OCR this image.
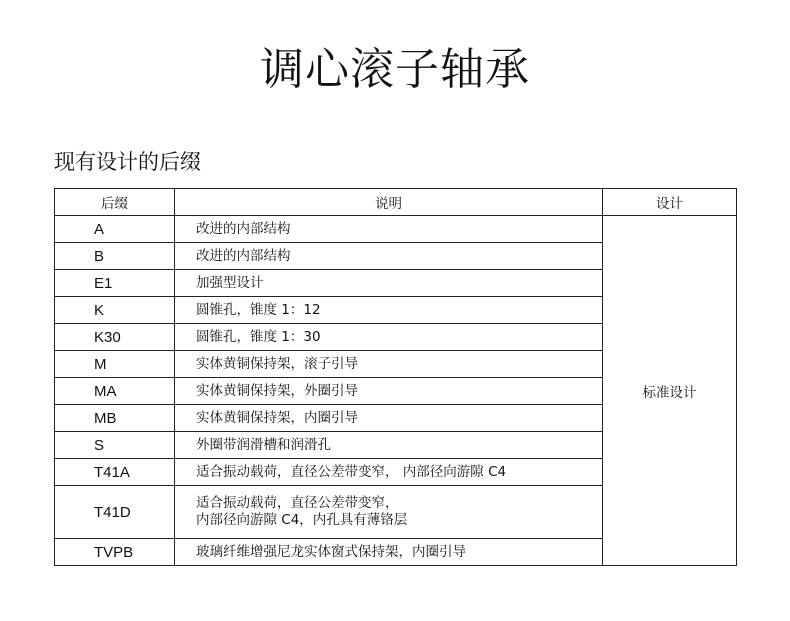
调心滚子轴承
现有设计的后缀
后缀	说明	设计
A	改进的内部结构	标准设计
B	改进的内部结构	

E1	加强型设计	

K	圆锥孔，锥度 1：12	

K30	圆锥孔，锥度 1：30	

M	实体黄铜保持架，滚子引导	

MA	实体黄铜保持架，外圈引导	

MB	实体黄铜保持架，内圈引导	

S	外圈带润滑槽和润滑孔	

T41A	适合振动载荷，直径公差带变窄， 内部径向游隙 C4	

T41D	适合振动载荷，直径公差带变窄，
内部径向游隙 C4，内孔具有薄铬层	

TVPB	玻璃纤维增强尼龙实体窗式保持架，内圈引导	
